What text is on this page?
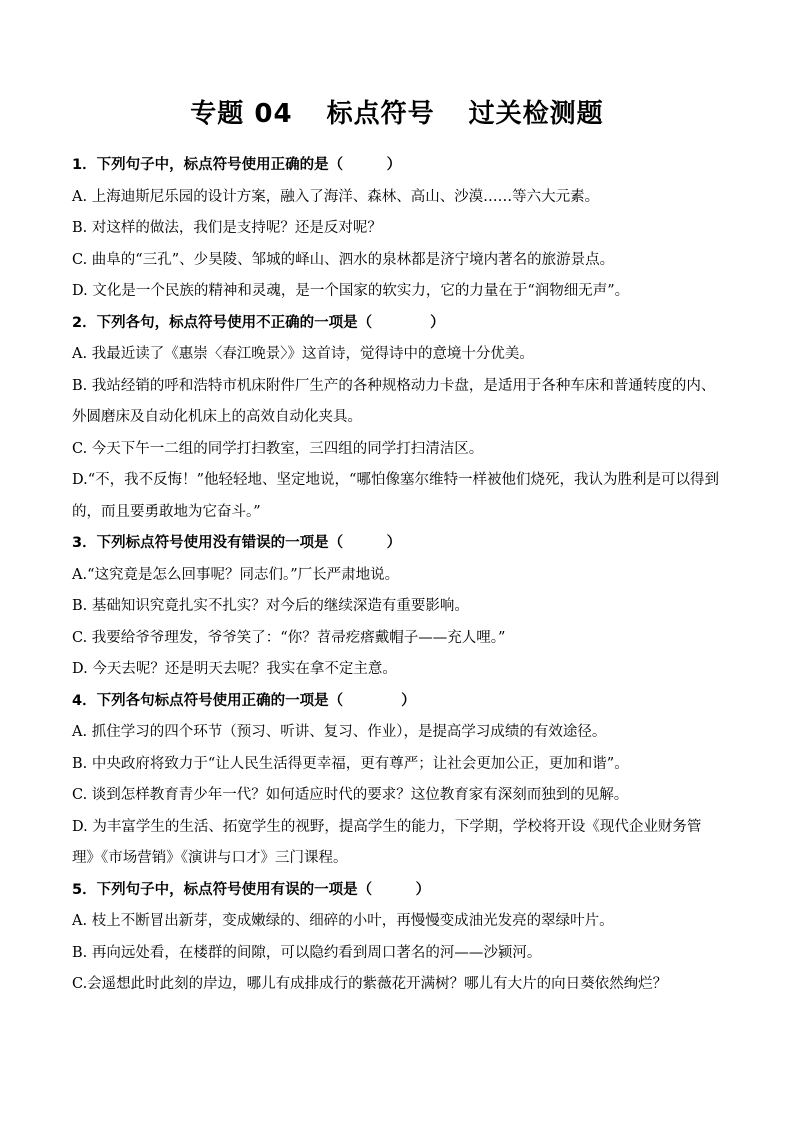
专题 04 标点符号 过关检测题
1．下列句子中，标点符号使用正确的是（　　　）
A. 上海迪斯尼乐园的设计方案，融入了海洋、森林、高山、沙漠……等六大元素。
B. 对这样的做法，我们是支持呢？还是反对呢？
C. 曲阜的“三孔”、少昊陵、邹城的峄山、泗水的泉林都是济宁境内著名的旅游景点。
D. 文化是一个民族的精神和灵魂，是一个国家的软实力，它的力量在于“润物细无声”。
2．下列各句，标点符号使用不正确的一项是（　　　　）
A. 我最近读了《惠崇〈春江晚景〉》这首诗，觉得诗中的意境十分优美。
B. 我站经销的呼和浩特市机床附件厂生产的各种规格动力卡盘，是适用于各种车床和普通转度的内、外圆磨床及自动化机床上的高效自动化夹具。
C. 今天下午一二组的同学打扫教室，三四组的同学打扫清洁区。
D.“不，我不反悔！”他轻轻地、坚定地说，“哪怕像塞尔维特一样被他们烧死，我认为胜利是可以得到的，而且要勇敢地为它奋斗。”
3．下列标点符号使用没有错误的一项是（　　　）
A.“这究竟是怎么回事呢？同志们。”厂长严肃地说。
B. 基础知识究竟扎实不扎实？对今后的继续深造有重要影响。
C. 我要给爷爷理发，爷爷笑了：“你？苕帚疙瘩戴帽子——充人哩。”
D. 今天去呢？还是明天去呢？我实在拿不定主意。
4．下列各句标点符号使用正确的一项是（　　　　）
A. 抓住学习的四个环节（预习、听讲、复习、作业），是提高学习成绩的有效途径。
B. 中央政府将致力于“让人民生活得更幸福，更有尊严；让社会更加公正，更加和谐”。
C. 谈到怎样教育青少年一代？如何适应时代的要求？这位教育家有深刻而独到的见解。
D. 为丰富学生的生活、拓宽学生的视野，提高学生的能力，下学期，学校将开设《现代企业财务管理》《市场营销》《演讲与口才》三门课程。
5．下列句子中，标点符号使用有误的一项是（　　　）
A. 枝上不断冒出新芽，变成嫩绿的、细碎的小叶，再慢慢变成油光发亮的翠绿叶片。
B. 再向远处看，在楼群的间隙，可以隐约看到周口著名的河——沙颍河。
C.会遥想此时此刻的岸边，哪儿有成排成行的紫薇花开满树？哪儿有大片的向日葵依然绚烂？
